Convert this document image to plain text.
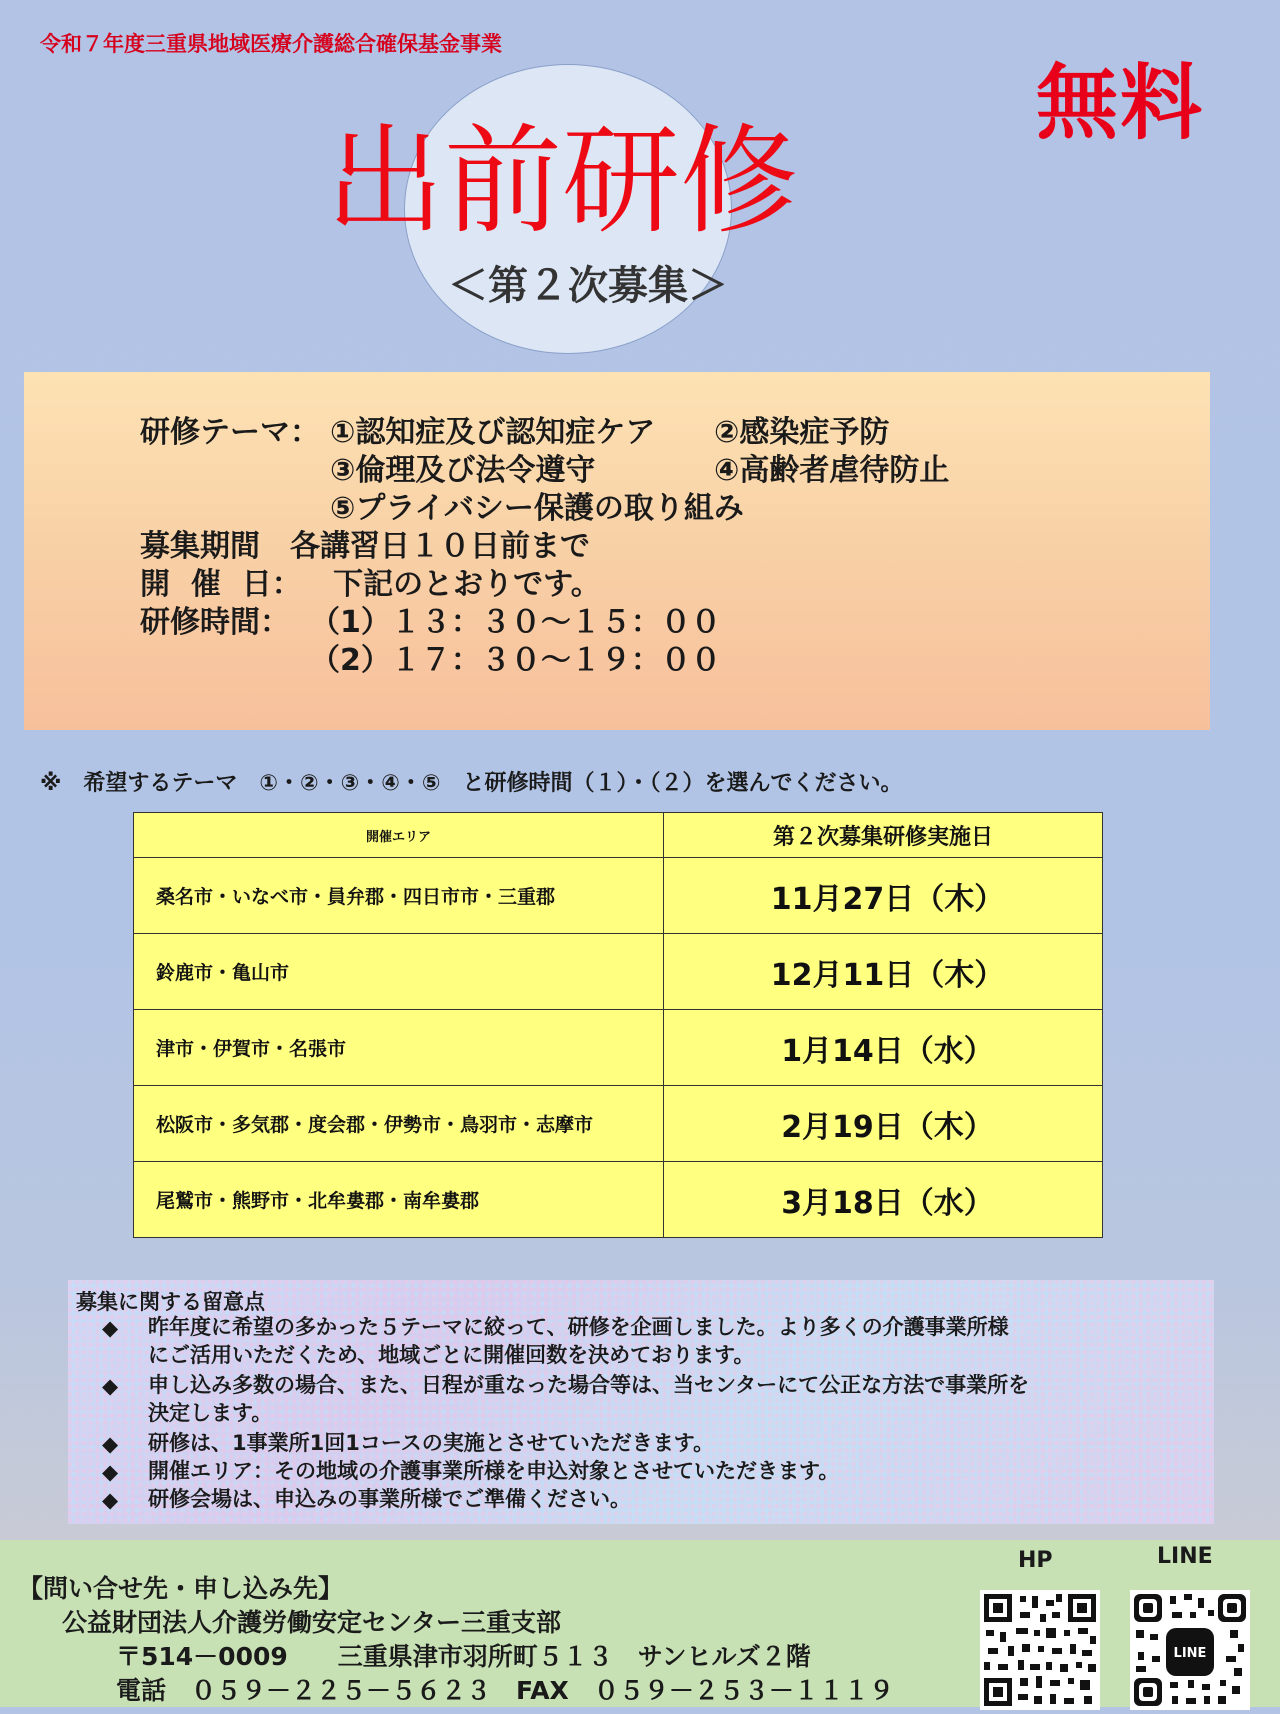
令和７年度三重県地域医療介護総合確保基金事業
無料
出前研修
＜第２次募集＞
研修テーマ： ①認知症及び認知症ケア ②感染症予防
③倫理及び法令遵守	④高齢者虐待防止
⑤プライバシー保護の取り組み
募集期間　各講習日１０日前まで
開  催  日：   下記のとおりです。
研修時間： （1）１３：３０～１５：００
（2）１７：３０～１９：００
※　希望するテーマ　①・②・③・④・⑤　と研修時間（１）・（２）を選んでください。
開催エリア	第２次募集研修実施日
桑名市・いなべ市・員弁郡・四日市市・三重郡	11月27日（木）
鈴鹿市・亀山市	12月11日（木）
津市・伊賀市・名張市	1月14日（水）
松阪市・多気郡・度会郡・伊勢市・鳥羽市・志摩市	2月19日（木）
尾鷲市・熊野市・北牟婁郡・南牟婁郡	3月18日（水）
募集に関する留意点
◆ 昨年度に希望の多かった５テーマに絞って、研修を企画しました。より多くの介護事業所様
にご活用いただくため、地域ごとに開催回数を決めております。
◆ 申し込み多数の場合、また、日程が重なった場合等は、当センターにて公正な方法で事業所を
決定します。
◆ 研修は、1事業所1回1コースの実施とさせていただきます。
◆ 開催エリア：その地域の介護事業所様を申込対象とさせていただきます。
◆ 研修会場は、申込みの事業所様でご準備ください。
【問い合せ先・申し込み先】
公益財団法人介護労働安定センター三重支部
〒514－0009　　三重県津市羽所町５１３　サンヒルズ２階
電話　０５９－２２５－５６２３　FAX　０５９－２５３－１１１９
HP	LINE
LINE
